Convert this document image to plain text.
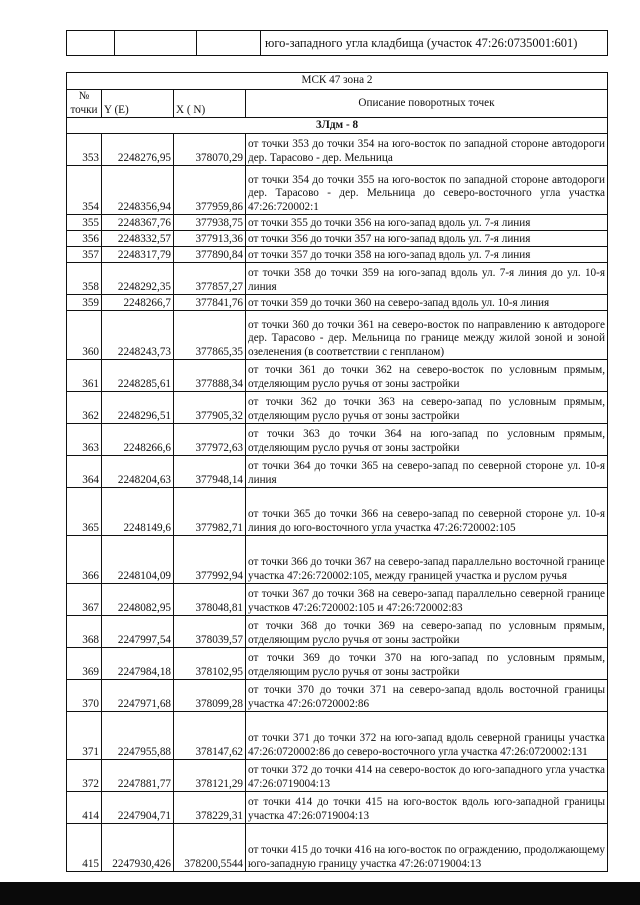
			юго-западного угла кладбища (участок 47:26:0735001:601)
МСК 47 зона 2			
№ точки	Y (E)	X ( N)	Описание поворотных точек
3Лдм - 8			
353	2248276,95	378070,29	от точки 353 до точки 354 на юго-восток по западной стороне автодороги дер. Тарасово - дер. Мельница
354	2248356,94	377959,86	от точки 354 до точки 355 на юго-восток по западной стороне автодороги дер. Тарасово - дер. Мельница до северо-восточного угла участка 47:26:720002:1
355	2248367,76	377938,75	от точки 355 до точки 356 на юго-запад вдоль ул. 7-я линия
356	2248332,57	377913,36	от точки 356 до точки 357 на юго-запад вдоль ул. 7-я линия
357	2248317,79	377890,84	от точки 357 до точки 358 на юго-запад вдоль ул. 7-я линия
358	2248292,35	377857,27	от точки 358 до точки 359 на юго-запад вдоль ул. 7-я линия до ул. 10-я линия
359	2248266,7	377841,76	от точки 359 до точки 360 на северо-запад вдоль ул. 10-я линия
360	2248243,73	377865,35	от точки 360 до точки 361 на северо-восток по направлению к автодороге дер. Тарасово - дер. Мельница по границе между жилой зоной и зоной озеленения (в соответствии с генпланом)
361	2248285,61	377888,34	от точки 361 до точки 362 на северо-восток по условным прямым, отделяющим русло ручья от зоны застройки
362	2248296,51	377905,32	от точки 362 до точки 363 на северо-запад по условным прямым, отделяющим русло ручья от зоны застройки
363	2248266,6	377972,63	от точки 363 до точки 364 на юго-запад по условным прямым, отделяющим русло ручья от зоны застройки
364	2248204,63	377948,14	от точки 364 до точки 365 на северо-запад по северной стороне ул. 10-я линия
365	2248149,6	377982,71	от точки 365 до точки 366 на северо-запад по северной стороне ул. 10-я линия до юго-восточного угла участка 47:26:720002:105
366	2248104,09	377992,94	от точки 366 до точки 367 на северо-запад параллельно восточной границе участка 47:26:720002:105, между границей участка и руслом ручья
367	2248082,95	378048,81	от точки 367 до точки 368 на северо-запад параллельно северной границе участков 47:26:720002:105 и 47:26:720002:83
368	2247997,54	378039,57	от точки 368 до точки 369 на северо-запад по условным прямым, отделяющим русло ручья от зоны застройки
369	2247984,18	378102,95	от точки 369 до точки 370 на юго-запад по условным прямым, отделяющим русло ручья от зоны застройки
370	2247971,68	378099,28	от точки 370 до точки 371 на северо-запад вдоль восточной границы участка 47:26:0720002:86
371	2247955,88	378147,62	от точки 371 до точки 372 на юго-запад вдоль северной границы участка 47:26:0720002:86 до северо-восточного угла участка 47:26:0720002:131
372	2247881,77	378121,29	от точки 372 до точки 414 на северо-восток до юго-западного угла участка 47:26:0719004:13
414	2247904,71	378229,31	от точки 414 до точки 415 на юго-восток вдоль юго-западной границы участка 47:26:0719004:13
415	2247930,426	378200,5544	от точки 415 до точки 416 на юго-восток по ограждению, продолжающему юго-западную границу участка 47:26:0719004:13
